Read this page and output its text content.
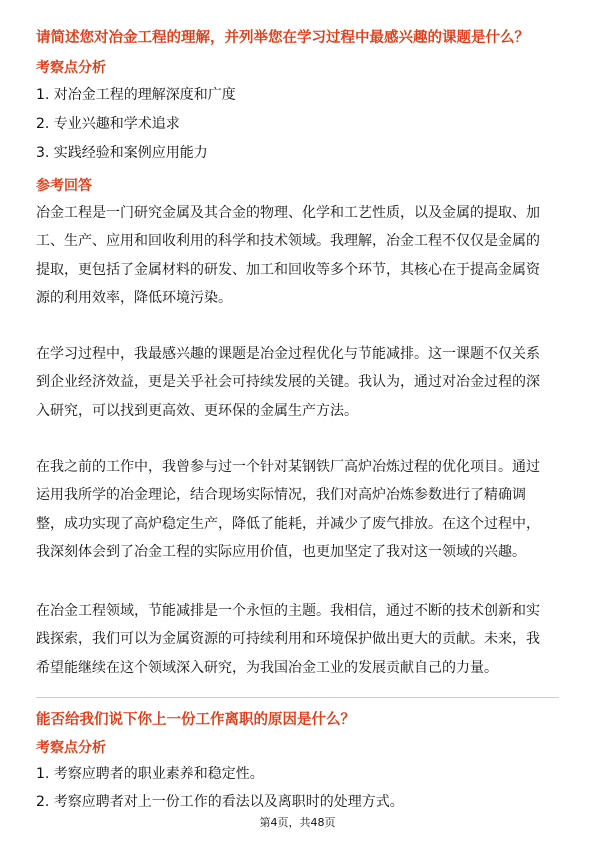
请简述您对冶金工程的理解，并列举您在学习过程中最感兴趣的课题是什么？
考察点分析
1. 对冶金工程的理解深度和广度
2. 专业兴趣和学术追求
3. 实践经验和案例应用能力
参考回答
冶金工程是一门研究金属及其合金的物理、化学和工艺性质，以及金属的提取、加
工、生产、应用和回收利用的科学和技术领域。我理解，冶金工程不仅仅是金属的
提取，更包括了金属材料的研发、加工和回收等多个环节，其核心在于提高金属资
源的利用效率，降低环境污染。
在学习过程中，我最感兴趣的课题是冶金过程优化与节能减排。这一课题不仅关系
到企业经济效益，更是关乎社会可持续发展的关键。我认为，通过对冶金过程的深
入研究，可以找到更高效、更环保的金属生产方法。
在我之前的工作中，我曾参与过一个针对某钢铁厂高炉冶炼过程的优化项目。通过
运用我所学的冶金理论，结合现场实际情况，我们对高炉冶炼参数进行了精确调
整，成功实现了高炉稳定生产，降低了能耗，并减少了废气排放。在这个过程中，
我深刻体会到了冶金工程的实际应用价值，也更加坚定了我对这一领域的兴趣。
在冶金工程领域，节能减排是一个永恒的主题。我相信，通过不断的技术创新和实
践探索，我们可以为金属资源的可持续利用和环境保护做出更大的贡献。未来，我
希望能继续在这个领域深入研究，为我国冶金工业的发展贡献自己的力量。
能否给我们说下你上一份工作离职的原因是什么？
考察点分析
1. 考察应聘者的职业素养和稳定性。
2. 考察应聘者对上一份工作的看法以及离职时的处理方式。
第4页，共48页
